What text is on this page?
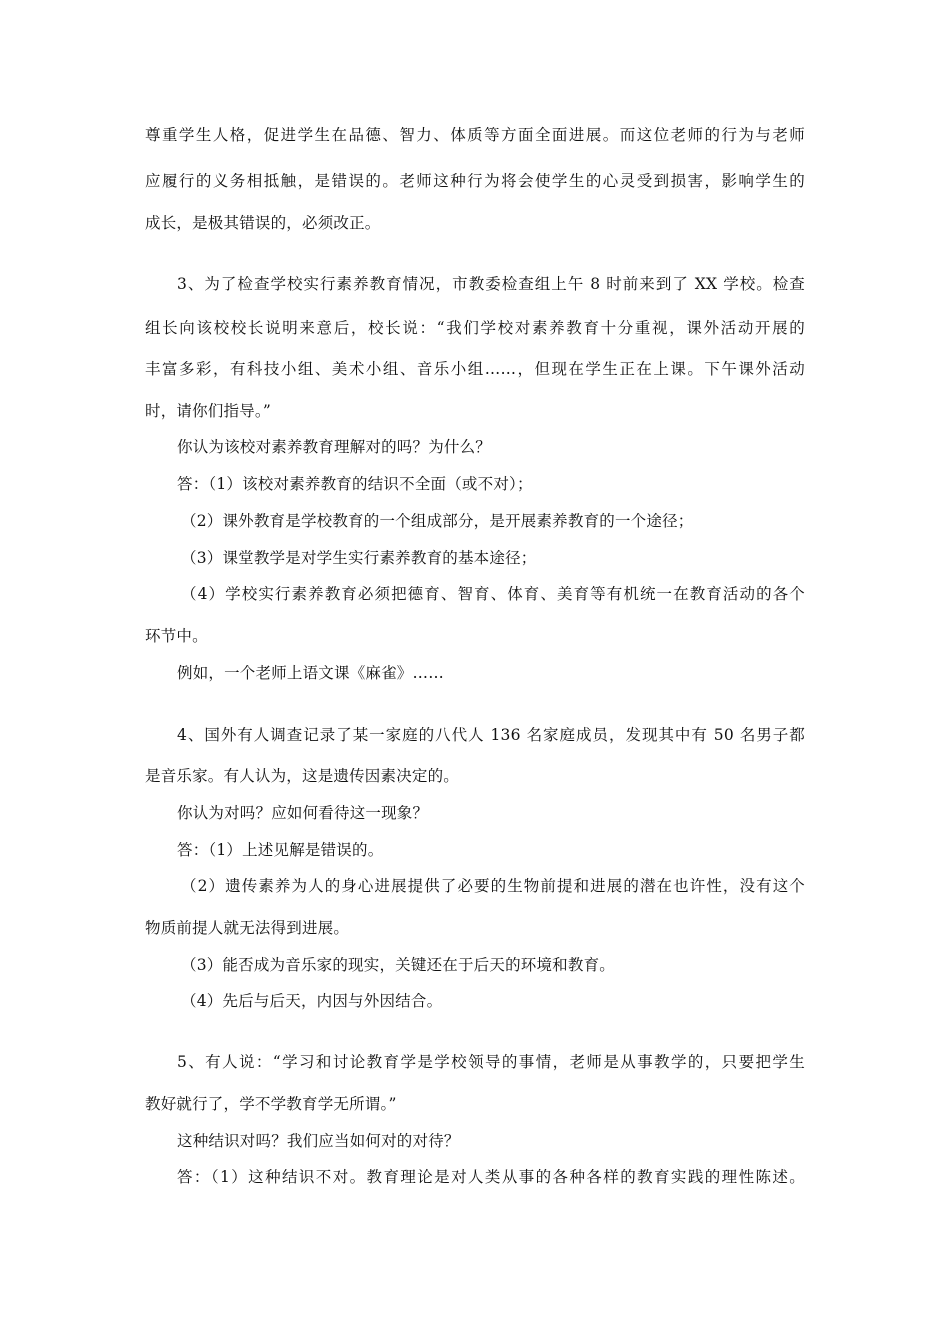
尊重学生人格，促进学生在品德、智力、体质等方面全面进展。而这位老师的行为与老师
应履行的义务相抵触，是错误的。老师这种行为将会使学生的心灵受到损害，影响学生的
成长，是极其错误的，必须改正。
3、为了检查学校实行素养教育情况，市教委检查组上午 8 时前来到了 XX 学校。检查
组长向该校校长说明来意后，校长说：“我们学校对素养教育十分重视，课外活动开展的
丰富多彩，有科技小组、美术小组、音乐小组……，但现在学生正在上课。下午课外活动
时，请你们指导。”
你认为该校对素养教育理解对的吗？为什么？
答：（1）该校对素养教育的结识不全面（或不对）；
（2）课外教育是学校教育的一个组成部分，是开展素养教育的一个途径；
（3）课堂教学是对学生实行素养教育的基本途径；
（4）学校实行素养教育必须把德育、智育、体育、美育等有机统一在教育活动的各个
环节中。
例如，一个老师上语文课《麻雀》……
4、国外有人调查记录了某一家庭的八代人 136 名家庭成员，发现其中有 50 名男子都
是音乐家。有人认为，这是遗传因素决定的。
你认为对吗？应如何看待这一现象？
答：（1）上述见解是错误的。
（2）遗传素养为人的身心进展提供了必要的生物前提和进展的潜在也许性，没有这个
物质前提人就无法得到进展。
（3）能否成为音乐家的现实，关键还在于后天的环境和教育。
（4）先后与后天，内因与外因结合。
5、有人说：“学习和讨论教育学是学校领导的事情，老师是从事教学的，只要把学生
教好就行了，学不学教育学无所谓。”
这种结识对吗？我们应当如何对的对待？
答：（1）这种结识不对。教育理论是对人类从事的各种各样的教育实践的理性陈述。
